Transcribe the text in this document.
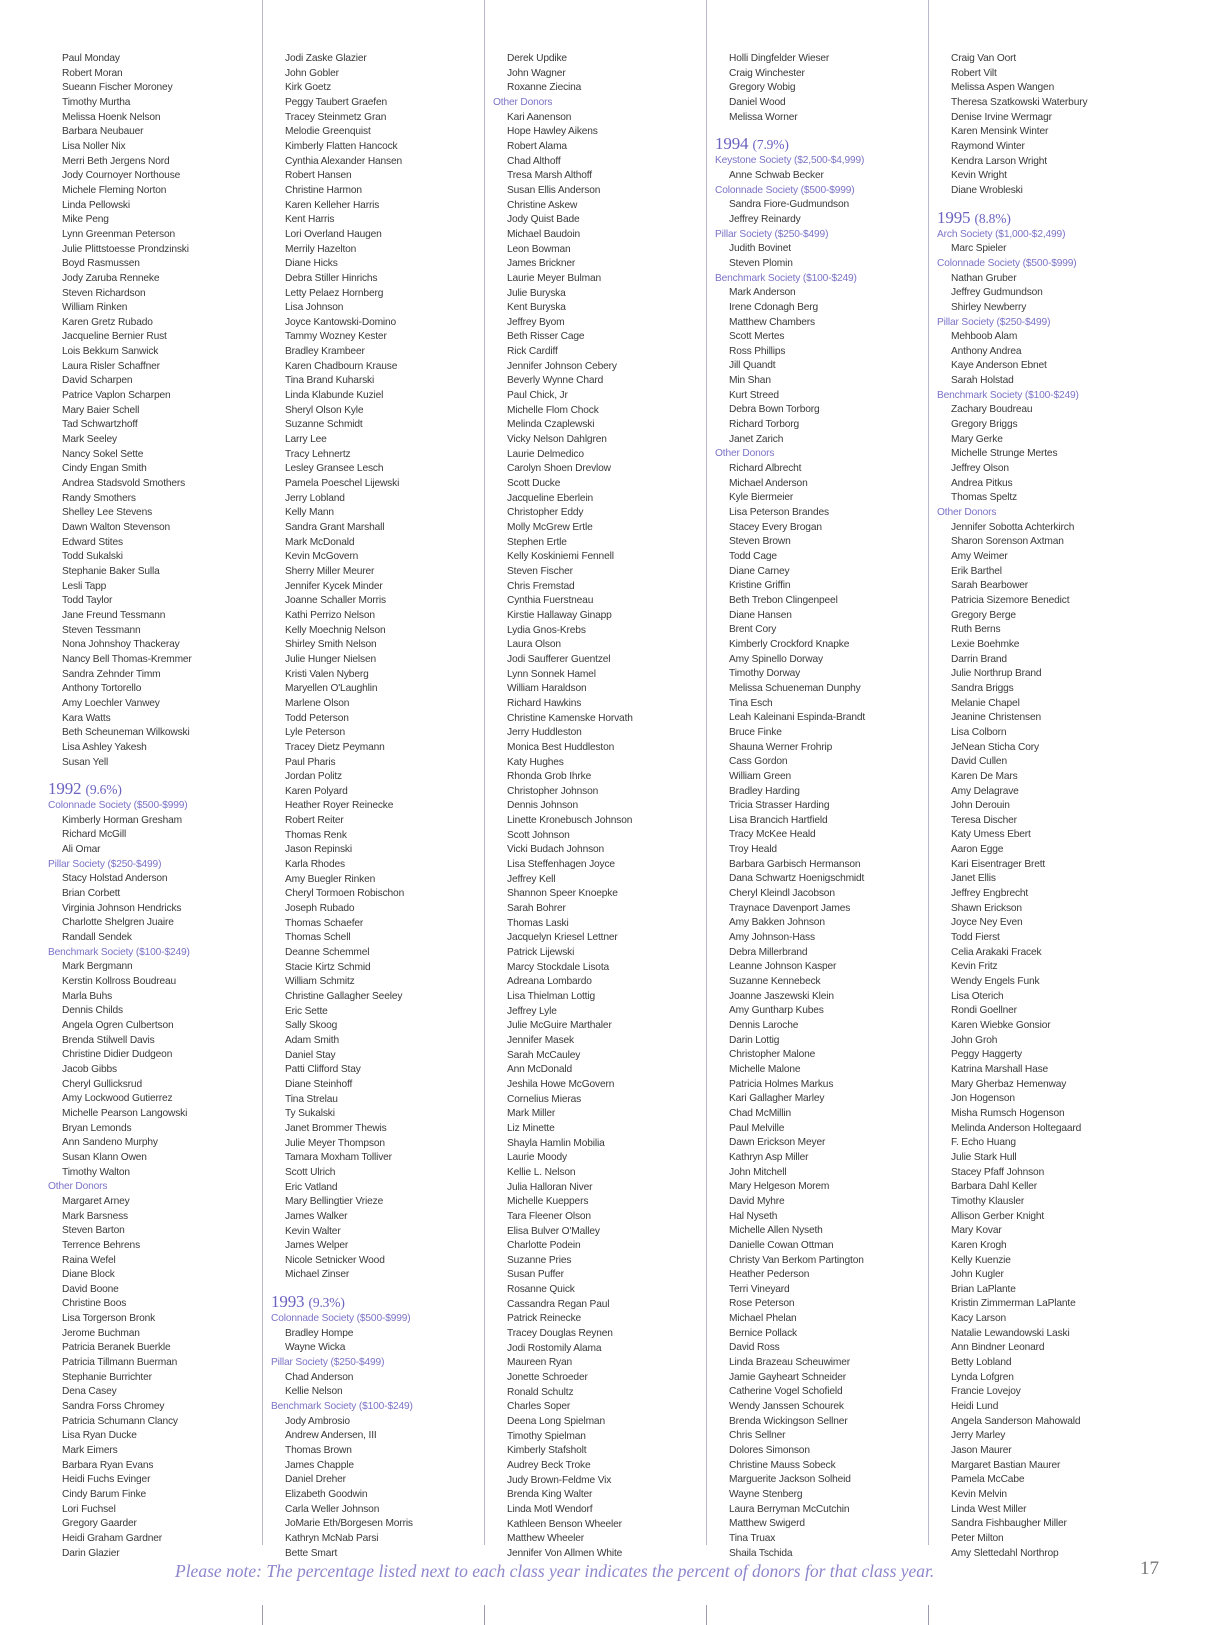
Paul Monday
Robert Moran
Sueann Fischer Moroney
Timothy Murtha
Melissa Hoenk Nelson
Barbara Neubauer
Lisa Noller Nix
Merri Beth Jergens Nord
Jody Cournoyer Northouse
Michele Fleming Norton
Linda Pellowski
Mike Peng
Lynn Greenman Peterson
Julie Plittstoesse Prondzinski
Boyd Rasmussen
Jody Zaruba Renneke
Steven Richardson
William Rinken
Karen Gretz Rubado
Jacqueline Bernier Rust
Lois Bekkum Sanwick
Laura Risler Schaffner
David Scharpen
Patrice Vaplon Scharpen
Mary Baier Schell
Tad Schwartzhoff
Mark Seeley
Nancy Sokel Sette
Cindy Engan Smith
Andrea Stadsvold Smothers
Randy Smothers
Shelley Lee Stevens
Dawn Walton Stevenson
Edward Stites
Todd Sukalski
Stephanie Baker Sulla
Lesli Tapp
Todd Taylor
Jane Freund Tessmann
Steven Tessmann
Nona Johnshoy Thackeray
Nancy Bell Thomas-Kremmer
Sandra Zehnder Timm
Anthony Tortorello
Amy Loechler Vanwey
Kara Watts
Beth Scheuneman Wilkowski
Lisa Ashley Yakesh
Susan Yell
1992 (9.6%)
Colonnade Society ($500-$999)
Kimberly Horman Gresham
Richard McGill
Ali Omar
Pillar Society ($250-$499)
Stacy Holstad Anderson
Brian Corbett
Virginia Johnson Hendricks
Charlotte Shelgren Juaire
Randall Sendek
Benchmark Society ($100-$249)
Mark Bergmann
Kerstin Kollross Boudreau
Marla Buhs
Dennis Childs
Angela Ogren Culbertson
Brenda Stilwell Davis
Christine Didier Dudgeon
Jacob Gibbs
Cheryl Gullicksrud
Amy Lockwood Gutierrez
Michelle Pearson Langowski
Bryan Lemonds
Ann Sandeno Murphy
Susan Klann Owen
Timothy Walton
Other Donors
Margaret Arney
Mark Barsness
Steven Barton
Terrence Behrens
Raina Wefel
Diane Block
David Boone
Christine Boos
Lisa Torgerson Bronk
Jerome Buchman
Patricia Beranek Buerkle
Patricia Tillmann Buerman
Stephanie Burrichter
Dena Casey
Sandra Forss Chromey
Patricia Schumann Clancy
Lisa Ryan Ducke
Mark Eimers
Barbara Ryan Evans
Heidi Fuchs Evinger
Cindy Barum Finke
Lori Fuchsel
Gregory Gaarder
Heidi Graham Gardner
Darin Glazier
Jodi Zaske Glazier
John Gobler
Kirk Goetz
Peggy Taubert Graefen
Tracey Steinmetz Gran
Melodie Greenquist
Kimberly Flatten Hancock
Cynthia Alexander Hansen
Robert Hansen
Christine Harmon
Karen Kelleher Harris
Kent Harris
Lori Overland Haugen
Merrily Hazelton
Diane Hicks
Debra Stiller Hinrichs
Letty Pelaez Hornberg
Lisa Johnson
Joyce Kantowski-Domino
Tammy Wozney Kester
Bradley Krambeer
Karen Chadbourn Krause
Tina Brand Kuharski
Linda Klabunde Kuziel
Sheryl Olson Kyle
Suzanne Schmidt
Larry Lee
Tracy Lehnertz
Lesley Gransee Lesch
Pamela Poeschel Lijewski
Jerry Lobland
Kelly Mann
Sandra Grant Marshall
Mark McDonald
Kevin McGovern
Sherry Miller Meurer
Jennifer Kycek Minder
Joanne Schaller Morris
Kathi Perrizo Nelson
Kelly Moechnig Nelson
Shirley Smith Nelson
Julie Hunger Nielsen
Kristi Valen Nyberg
Maryellen O'Laughlin
Marlene Olson
Todd Peterson
Lyle Peterson
Tracey Dietz Peymann
Paul Pharis
Jordan Politz
Karen Polyard
Heather Royer Reinecke
Robert Reiter
Thomas Renk
Jason Repinski
Karla Rhodes
Amy Buegler Rinken
Cheryl Tormoen Robischon
Joseph Rubado
Thomas Schaefer
Thomas Schell
Deanne Schemmel
Stacie Kirtz Schmid
William Schmitz
Christine Gallagher Seeley
Eric Sette
Sally Skoog
Adam Smith
Daniel Stay
Patti Clifford Stay
Diane Steinhoff
Tina Strelau
Ty Sukalski
Janet Brommer Thewis
Julie Meyer Thompson
Tamara Moxham Tolliver
Scott Ulrich
Eric Vatland
Mary Bellingtier Vrieze
James Walker
Kevin Walter
James Welper
Nicole Setnicker Wood
Michael Zinser
1993 (9.3%)
Colonnade Society ($500-$999)
Bradley Hompe
Wayne Wicka
Pillar Society ($250-$499)
Chad Anderson
Kellie Nelson
Benchmark Society ($100-$249)
Jody Ambrosio
Andrew Andersen, III
Thomas Brown
James Chapple
Daniel Dreher
Elizabeth Goodwin
Carla Weller Johnson
JoMarie Eth/Borgesen Morris
Kathryn McNab Parsi
Bette Smart
Derek Updike
John Wagner
Roxanne Ziecina
Other Donors
Kari Aanenson
Hope Hawley Aikens
Robert Alama
Chad Althoff
Tresa Marsh Althoff
Susan Ellis Anderson
Christine Askew
Jody Quist Bade
Michael Baudoin
Leon Bowman
James Brickner
Laurie Meyer Bulman
Julie Buryska
Kent Buryska
Jeffrey Byom
Beth Risser Cage
Rick Cardiff
Jennifer Johnson Cebery
Beverly Wynne Chard
Paul Chick, Jr
Michelle Flom Chock
Melinda Czaplewski
Vicky Nelson Dahlgren
Laurie Delmedico
Carolyn Shoen Drevlow
Scott Ducke
Jacqueline Eberlein
Christopher Eddy
Molly McGrew Ertle
Stephen Ertle
Kelly Koskiniemi Fennell
Steven Fischer
Chris Fremstad
Cynthia Fuerstneau
Kirstie Hallaway Ginapp
Lydia Gnos-Krebs
Laura Olson
Jodi Saufferer Guentzel
Lynn Sonnek Hamel
William Haraldson
Richard Hawkins
Christine Kamenske Horvath
Jerry Huddleston
Monica Best Huddleston
Katy Hughes
Rhonda Grob Ihrke
Christopher Johnson
Dennis Johnson
Linette Kronebusch Johnson
Scott Johnson
Vicki Budach Johnson
Lisa Steffenhagen Joyce
Jeffrey Kell
Shannon Speer Knoepke
Sarah Bohrer
Thomas Laski
Jacquelyn Kriesel Lettner
Patrick Lijewski
Marcy Stockdale Lisota
Adreana Lombardo
Lisa Thielman Lottig
Jeffrey Lyle
Julie McGuire Marthaler
Jennifer Masek
Sarah McCauley
Ann McDonald
Jeshila Howe McGovern
Cornelius Mieras
Mark Miller
Liz Minette
Shayla Hamlin Mobilia
Laurie Moody
Kellie L. Nelson
Julia Halloran Niver
Michelle Kueppers
Tara Fleener Olson
Elisa Bulver O'Malley
Charlotte Podein
Suzanne Pries
Susan Puffer
Rosanne Quick
Cassandra Regan Paul
Patrick Reinecke
Tracey Douglas Reynen
Jodi Rostomily Alama
Maureen Ryan
Jonette Schroeder
Ronald Schultz
Charles Soper
Deena Long Spielman
Timothy Spielman
Kimberly Stafsholt
Audrey Beck Troke
Judy Brown-Feldme Vix
Brenda King Walter
Linda Motl Wendorf
Kathleen Benson Wheeler
Matthew Wheeler
Jennifer Von Allmen White
Holli Dingfelder Wieser
Craig Winchester
Gregory Wobig
Daniel Wood
Melissa Worner
1994 (7.9%)
Keystone Society ($2,500-$4,999)
Anne Schwab Becker
Colonnade Society ($500-$999)
Sandra Fiore-Gudmundson
Jeffrey Reinardy
Pillar Society ($250-$499)
Judith Bovinet
Steven Plomin
Benchmark Society ($100-$249)
Mark Anderson
Irene Cdonagh Berg
Matthew Chambers
Scott Mertes
Ross Phillips
Jill Quandt
Min Shan
Kurt Streed
Debra Bown Torborg
Richard Torborg
Janet Zarich
Other Donors
Richard Albrecht
Michael Anderson
Kyle Biermeier
Lisa Peterson Brandes
Stacey Every Brogan
Steven Brown
Todd Cage
Diane Carney
Kristine Griffin
Beth Trebon Clingenpeel
Diane Hansen
Brent Cory
Kimberly Crockford Knapke
Amy Spinello Dorway
Timothy Dorway
Melissa Schueneman Dunphy
Tina Esch
Leah Kaleinani Espinda-Brandt
Bruce Finke
Shauna Werner Frohrip
Cass Gordon
William Green
Bradley Harding
Tricia Strasser Harding
Lisa Brancich Hartfield
Tracy McKee Heald
Troy Heald
Barbara Garbisch Hermanson
Dana Schwartz Hoenigschmidt
Cheryl Kleindl Jacobson
Traynace Davenport James
Amy Bakken Johnson
Amy Johnson-Hass
Debra Millerbrand
Leanne Johnson Kasper
Suzanne Kennebeck
Joanne Jaszewski Klein
Amy Guntharp Kubes
Dennis Laroche
Darin Lottig
Christopher Malone
Michelle Malone
Patricia Holmes Markus
Kari Gallagher Marley
Chad McMillin
Paul Melville
Dawn Erickson Meyer
Kathryn Asp Miller
John Mitchell
Mary Helgeson Morem
David Myhre
Hal Nyseth
Michelle Allen Nyseth
Danielle Cowan Ottman
Christy Van Berkom Partington
Heather Pederson
Terri Vineyard
Rose Peterson
Michael Phelan
Bernice Pollack
David Ross
Linda Brazeau Scheuwimer
Jamie Gayheart Schneider
Catherine Vogel Schofield
Wendy Janssen Schourek
Brenda Wickingson Sellner
Chris Sellner
Dolores Simonson
Christine Mauss Sobeck
Marguerite Jackson Solheid
Wayne Stenberg
Laura Berryman McCutchin
Matthew Swigerd
Tina Truax
Shaila Tschida
Craig Van Oort
Robert Vilt
Melissa Aspen Wangen
Theresa Szatkowski Waterbury
Denise Irvine Wermagr
Karen Mensink Winter
Raymond Winter
Kendra Larson Wright
Kevin Wright
Diane Wrobleski
1995 (8.8%)
Arch Society ($1,000-$2,499)
Marc Spieler
Colonnade Society ($500-$999)
Nathan Gruber
Jeffrey Gudmundson
Shirley Newberry
Pillar Society ($250-$499)
Mehboob Alam
Anthony Andrea
Kaye Anderson Ebnet
Sarah Holstad
Benchmark Society ($100-$249)
Zachary Boudreau
Gregory Briggs
Mary Gerke
Michelle Strunge Mertes
Jeffrey Olson
Andrea Pitkus
Thomas Speltz
Other Donors
Jennifer Sobotta Achterkirch
Sharon Sorenson Axtman
Amy Weimer
Erik Barthel
Sarah Bearbower
Patricia Sizemore Benedict
Gregory Berge
Ruth Berns
Lexie Boehmke
Darrin Brand
Julie Northrup Brand
Sandra Briggs
Melanie Chapel
Jeanine Christensen
Lisa Colborn
JeNean Sticha Cory
David Cullen
Karen De Mars
Amy Delagrave
John Derouin
Teresa Discher
Katy Umess Ebert
Aaron Egge
Kari Eisentrager Brett
Janet Ellis
Jeffrey Engbrecht
Shawn Erickson
Joyce Ney Even
Todd Fierst
Celia Arakaki Fracek
Kevin Fritz
Wendy Engels Funk
Lisa Oterich
Rondi Goellner
Karen Wiebke Gonsior
John Groh
Peggy Haggerty
Katrina Marshall Hase
Mary Gherbaz Hemenway
Jon Hogenson
Misha Rumsch Hogenson
Melinda Anderson Holtegaard
F. Echo Huang
Julie Stark Hull
Stacey Pfaff Johnson
Barbara Dahl Keller
Timothy Klausler
Allison Gerber Knight
Mary Kovar
Karen Krogh
Kelly Kuenzie
John Kugler
Brian LaPlante
Kristin Zimmerman LaPlante
Kacy Larson
Natalie Lewandowski Laski
Ann Bindner Leonard
Betty Lobland
Lynda Lofgren
Francie Lovejoy
Heidi Lund
Angela Sanderson Mahowald
Jerry Marley
Jason Maurer
Margaret Bastian Maurer
Pamela McCabe
Kevin Melvin
Linda West Miller
Sandra Fishbaugher Miller
Peter Milton
Amy Slettedahl Northrop
Please note: The percentage listed next to each class year indicates the percent of donors for that class year.	17
